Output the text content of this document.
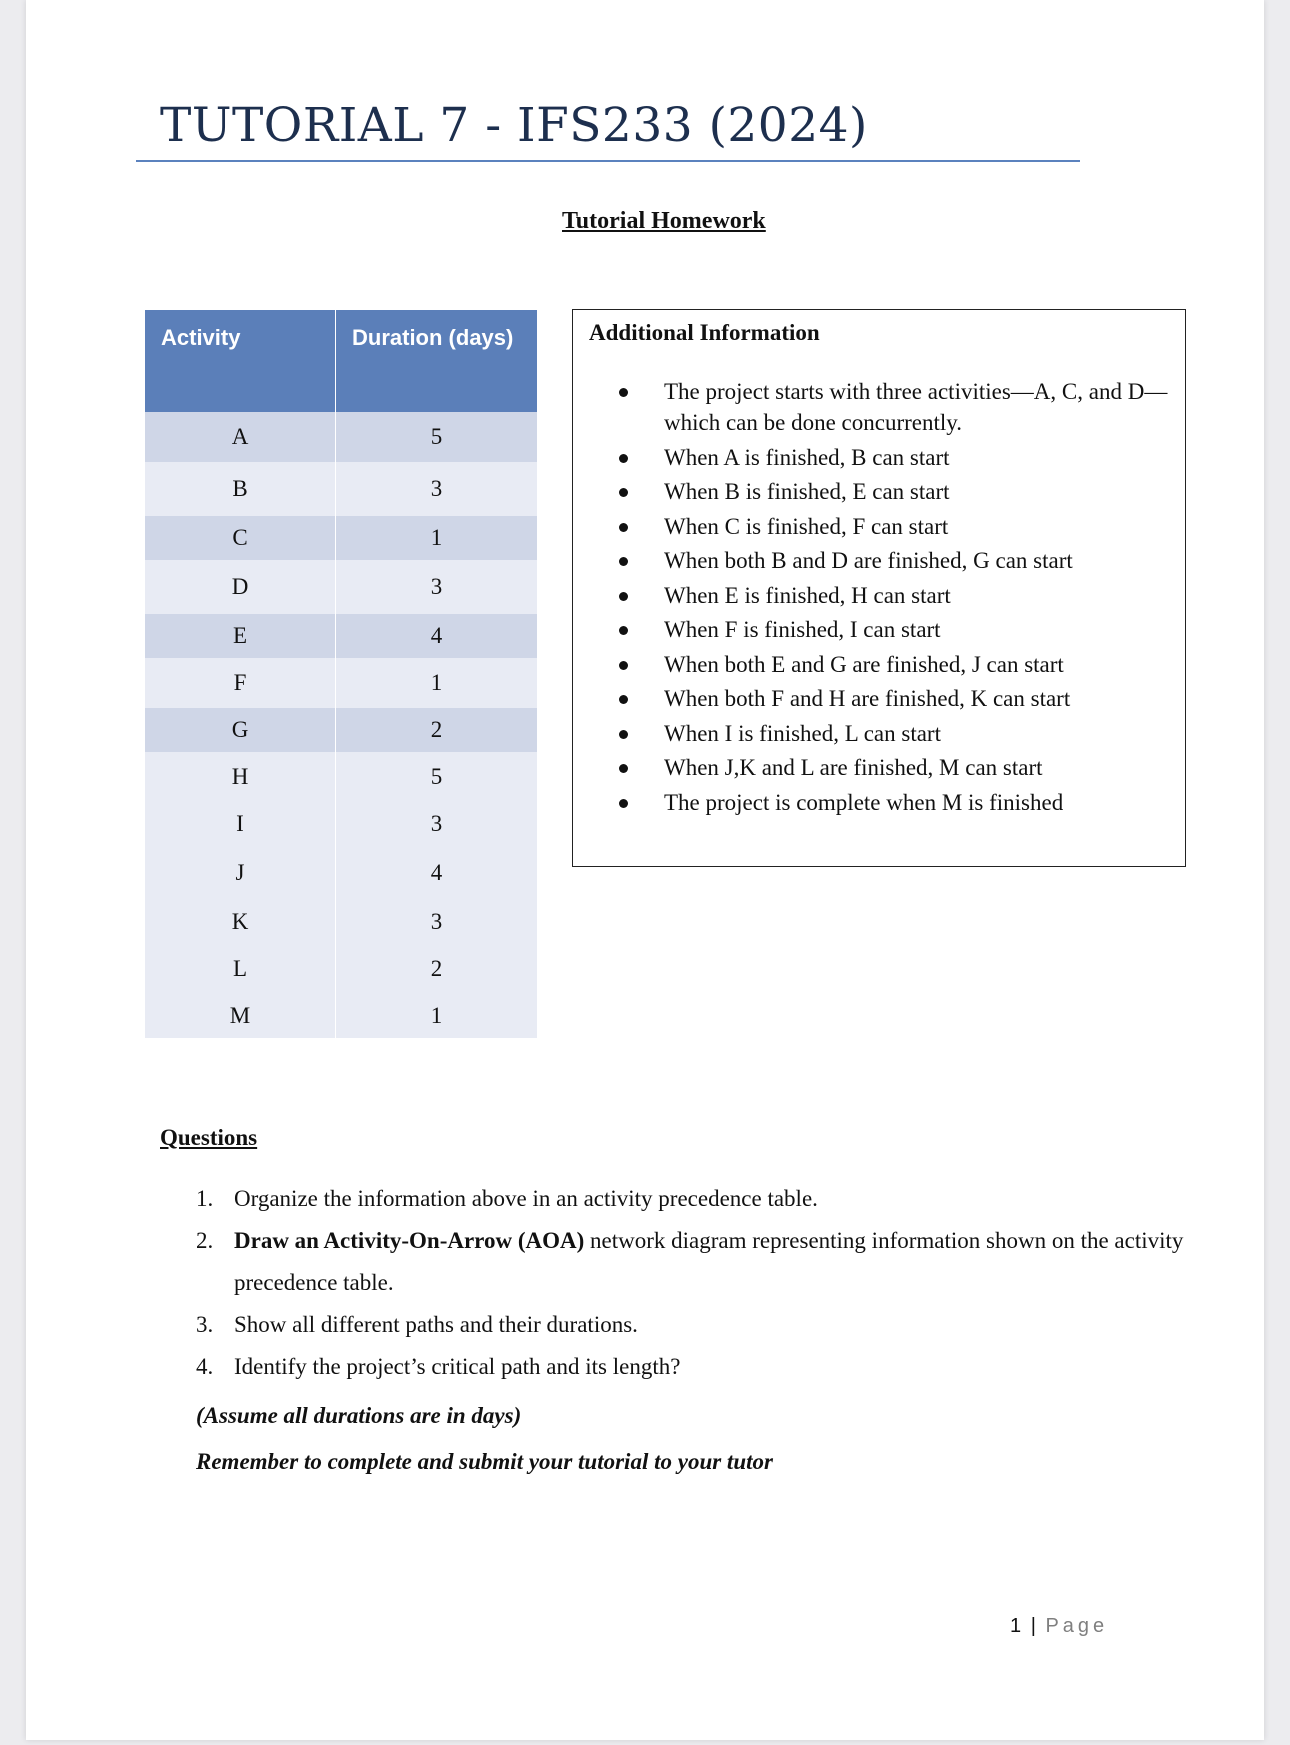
TUTORIAL 7 - IFS233 (2024)
Tutorial Homework
Activity	Duration (days)
A	5
B	3
C	1
D	3
E	4
F	1
G	2
H	5
I	3
J	4
K	3
L	2
M	1
Additional Information
The project starts with three activities—A, C, and D—which can be done concurrently.
When A is finished, B can start
When B is finished, E can start
When C is finished, F can start
When both B and D are finished, G can start
When E is finished, H can start
When F is finished, I can start
When both E and G are finished, J can start
When both F and H are finished, K can start
When I is finished, L can start
When J,K and L are finished, M can start
The project is complete when M is finished
Questions
1. Organize the information above in an activity precedence table.
2. Draw an Activity-On-Arrow (AOA) network diagram representing information shown on the activity precedence table.
3. Show all different paths and their durations.
4. Identify the project’s critical path and its length?
(Assume all durations are in days)
Remember to complete and submit your tutorial to your tutor
1 | Page
